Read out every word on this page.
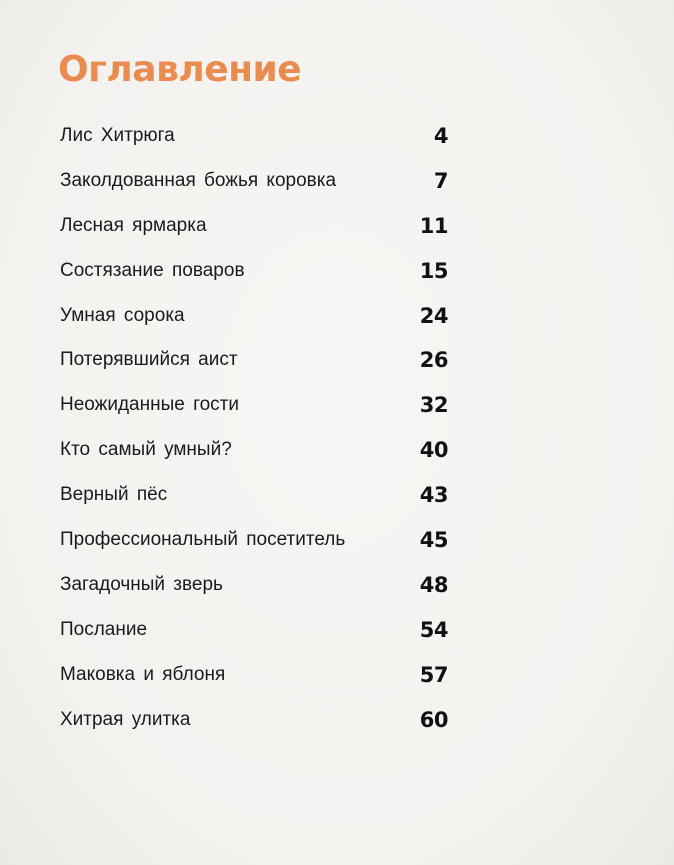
Оглавление
Лис Хитрюга	4
Заколдованная божья коровка	7
Лесная ярмарка	11
Состязание поваров	15
Умная сорока	24
Потерявшийся аист	26
Неожиданные гости	32
Кто самый умный?	40
Верный пёс	43
Профессиональный посетитель	45
Загадочный зверь	48
Послание	54
Маковка и яблоня	57
Хитрая улитка	60
